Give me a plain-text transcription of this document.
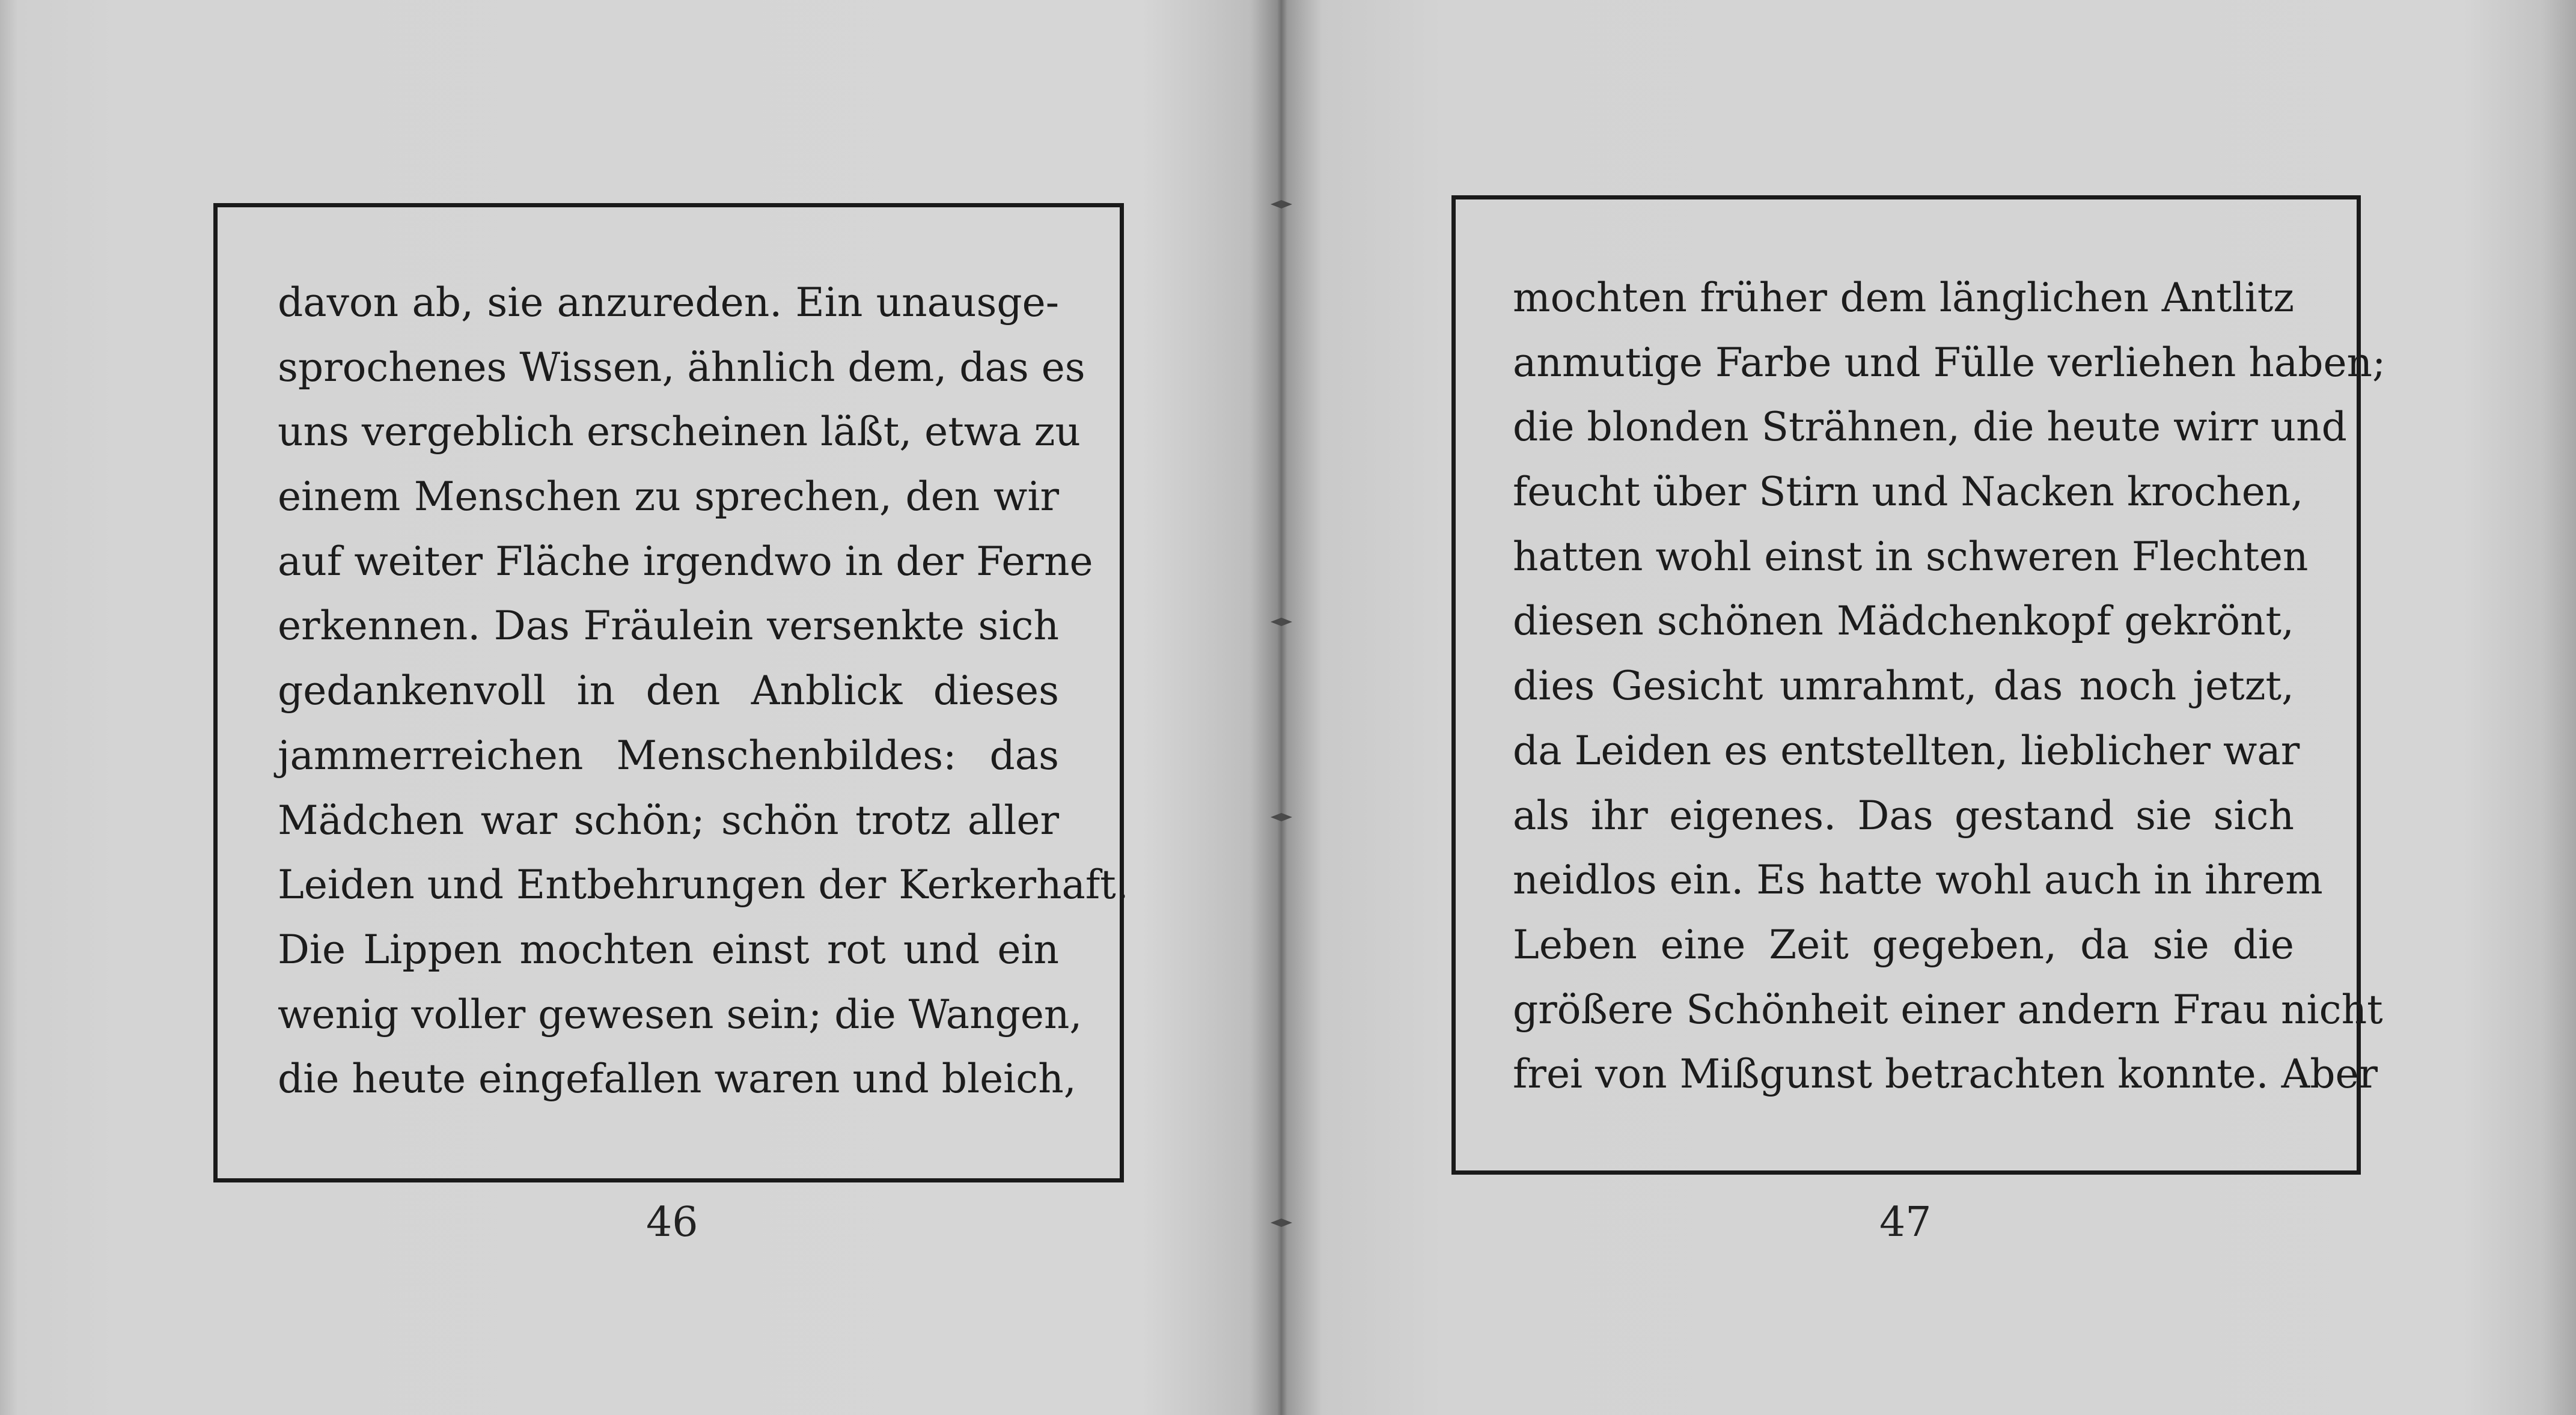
davon ab, sie anzureden. Ein unausge-
sprochenes Wissen, ähnlich dem, das es
uns vergeblich erscheinen läßt, etwa zu
einem Menschen zu sprechen, den wir
auf weiter Fläche irgendwo in der Ferne
erkennen. Das Fräulein versenkte sich
gedankenvoll in den Anblick dieses
jammerreichen Menschenbildes: das
Mädchen war schön; schön trotz aller
Leiden und Entbehrungen der Kerkerhaft.
Die Lippen mochten einst rot und ein
wenig voller gewesen sein; die Wangen,
die heute eingefallen waren und bleich,
46
mochten früher dem länglichen Antlitz
anmutige Farbe und Fülle verliehen haben;
die blonden Strähnen, die heute wirr und
feucht über Stirn und Nacken krochen,
hatten wohl einst in schweren Flechten
diesen schönen Mädchenkopf gekrönt,
dies Gesicht umrahmt, das noch jetzt,
da Leiden es entstellten, lieblicher war
als ihr eigenes. Das gestand sie sich
neidlos ein. Es hatte wohl auch in ihrem
Leben eine Zeit gegeben, da sie die
größere Schönheit einer andern Frau nicht
frei von Mißgunst betrachten konnte. Aber
47
